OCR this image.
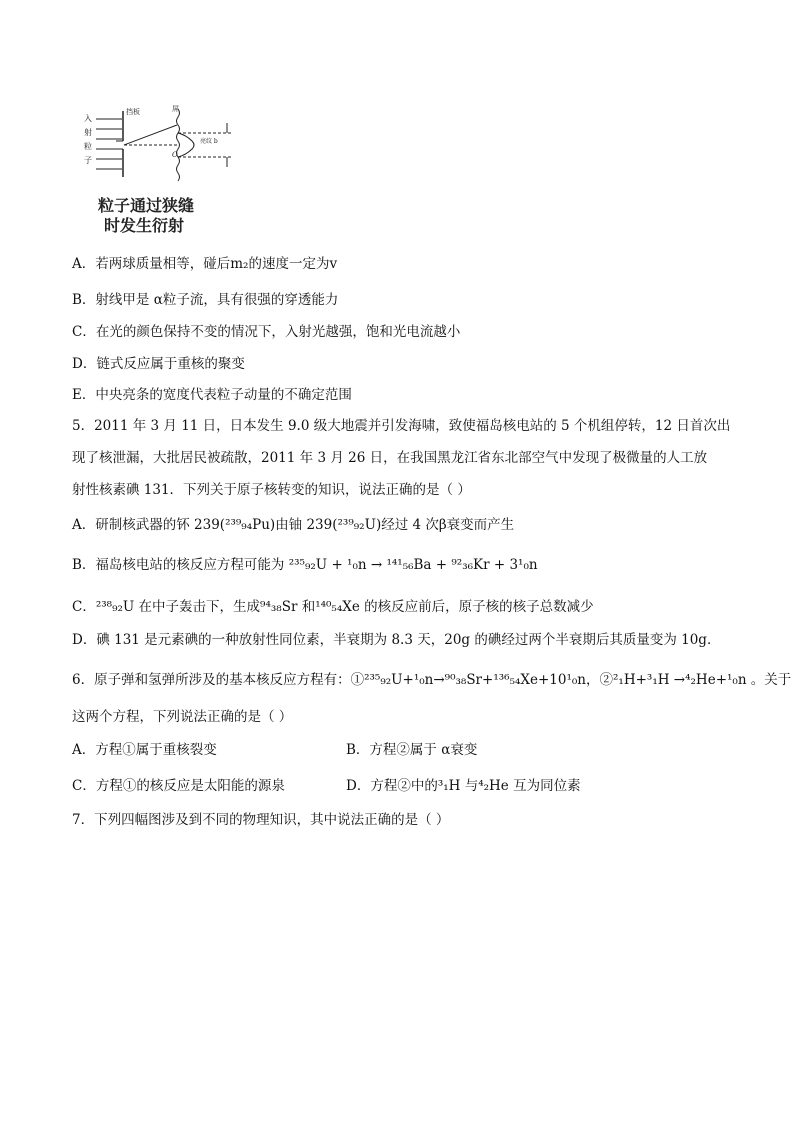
入
射
粒
子
挡板	屏
O
亮纹 b
粒子通过狭缝
时发生衍射
A．若两球质量相等，碰后m₂的速度一定为v
B．射线甲是 α粒子流，具有很强的穿透能力
C．在光的颜色保持不变的情况下，入射光越强，饱和光电流越小
D．链式反应属于重核的聚变
E．中央亮条的宽度代表粒子动量的不确定范围
5．2011 年 3 月 11 日，日本发生 9.0 级大地震并引发海啸，致使福岛核电站的 5 个机组停转，12 日首次出
现了核泄漏，大批居民被疏散，2011 年 3 月 26 日，在我国黑龙江省东北部空气中发现了极微量的人工放
射性核素碘 131．下列关于原子核转变的知识，说法正确的是（ ）
A．研制核武器的钚 239(²³⁹₉₄Pu)由铀 239(²³⁹₉₂U)经过 4 次β衰变而产生
B．福岛核电站的核反应方程可能为 ²³⁵₉₂U + ¹₀n → ¹⁴¹₅₆Ba + ⁹²₃₆Kr + 3¹₀n
C．²³⁸₉₂U 在中子轰击下，生成⁹⁴₃₈Sr 和¹⁴⁰₅₄Xe 的核反应前后，原子核的核子总数减少
D．碘 131 是元素碘的一种放射性同位素，半衰期为 8.3 天，20g 的碘经过两个半衰期后其质量变为 10g．
6．原子弹和氢弹所涉及的基本核反应方程有：①²³⁵₉₂U+¹₀n→⁹⁰₃₈Sr+¹³⁶₅₄Xe+10¹₀n，②²₁H+³₁H →⁴₂He+¹₀n 。关于
这两个方程，下列说法正确的是（ ）
A．方程①属于重核裂变	B．方程②属于 α衰变
C．方程①的核反应是太阳能的源泉	D．方程②中的³₁H 与⁴₂He 互为同位素
7．下列四幅图涉及到不同的物理知识，其中说法正确的是（ ）
